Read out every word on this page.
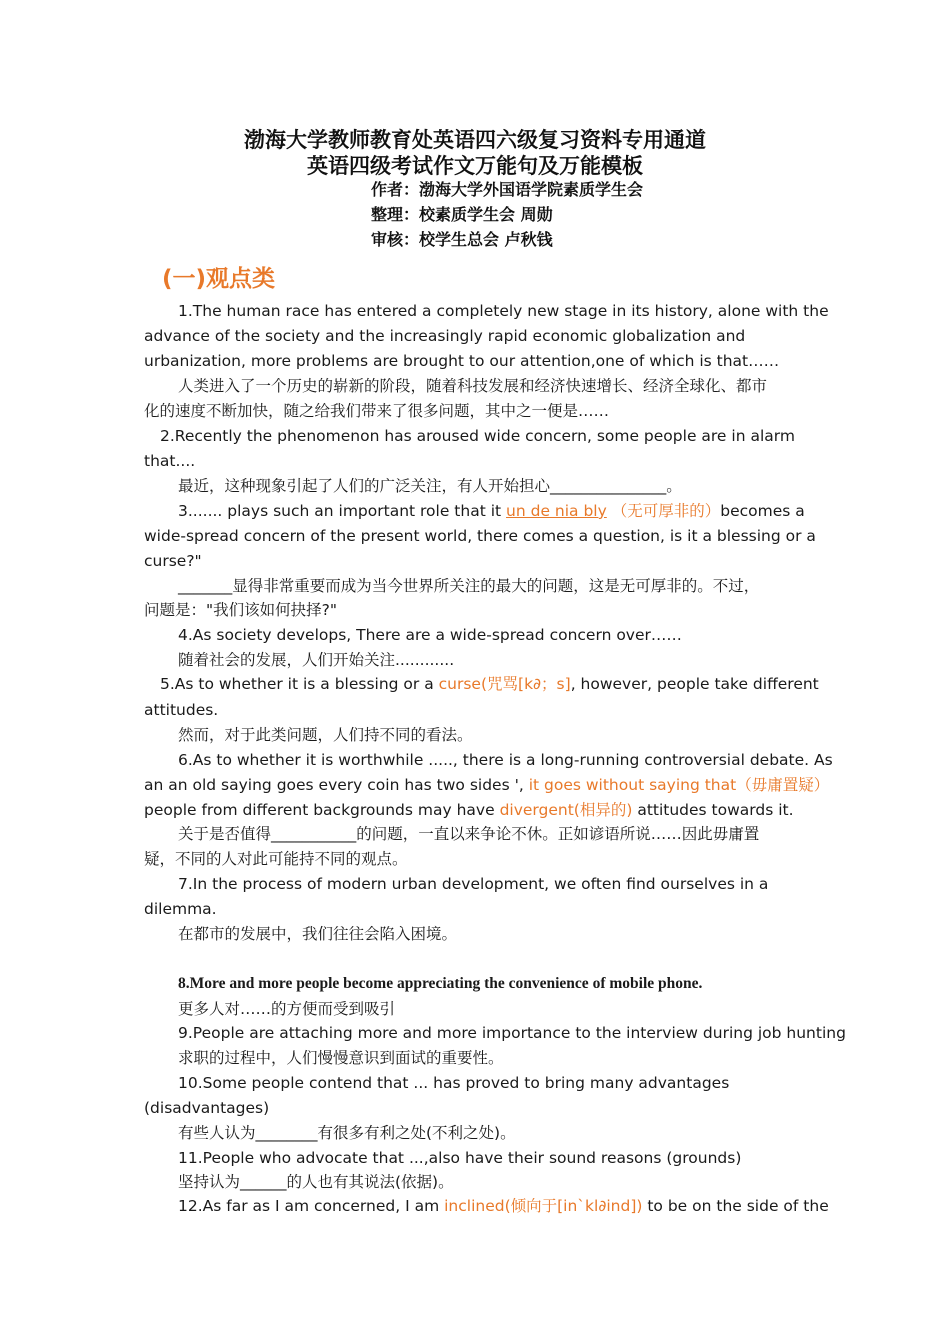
渤海大学教师教育处英语四六级复习资料专用通道
英语四级考试作文万能句及万能模板
作者：渤海大学外国语学院素质学生会
整理：校素质学生会 周勋
审核：校学生总会 卢秋钱
(一)观点类
1.The human race has entered a completely new stage in its history, alone with the
advance of the society and the increasingly rapid economic globalization and
urbanization, more problems are brought to our attention,one of which is that……
人类进入了一个历史的崭新的阶段，随着科技发展和经济快速增长、经济全球化、都市
化的速度不断加快，随之给我们带来了很多问题，其中之一便是……
2.Recently the phenomenon has aroused wide concern, some people are in alarm
that....
最近，这种现象引起了人们的广泛关注，有人开始担心_______________。
3....... plays such an important role that it un de nia bly （无可厚非的）becomes a
wide-spread concern of the present world, there comes a question, is it a blessing or a
curse?"
_______显得非常重要而成为当今世界所关注的最大的问题，这是无可厚非的。不过，
问题是："我们该如何抉择?"
4.As society develops, There are a wide-spread concern over……
随着社会的发展，人们开始关注............
5.As to whether it is a blessing or a curse(咒骂[k∂；s], however, people take different
attitudes.
然而，对于此类问题，人们持不同的看法。
6.As to whether it is worthwhile ....., there is a long-running controversial debate. As
an an old saying goes every coin has two sides ', it goes without saying that（毋庸置疑）
people from different backgrounds may have divergent(相异的) attitudes towards it.
关于是否值得___________的问题，一直以来争论不休。正如谚语所说……因此毋庸置
疑，不同的人对此可能持不同的观点。
7.In the process of modern urban development, we often find ourselves in a
dilemma.
在都市的发展中，我们往往会陷入困境。
8.More and more people become appreciating the convenience of mobile phone.
更多人对……的方便而受到吸引
9.People are attaching more and more importance to the interview during job hunting
求职的过程中，人们慢慢意识到面试的重要性。
10.Some people contend that ... has proved to bring many advantages
(disadvantages)
有些人认为________有很多有利之处(不利之处)。
11.People who advocate that ...,also have their sound reasons (grounds)
坚持认为______的人也有其说法(依据)。
12.As far as I am concerned, I am inclined(倾向于[in`kl∂ind]) to be on the side of the
